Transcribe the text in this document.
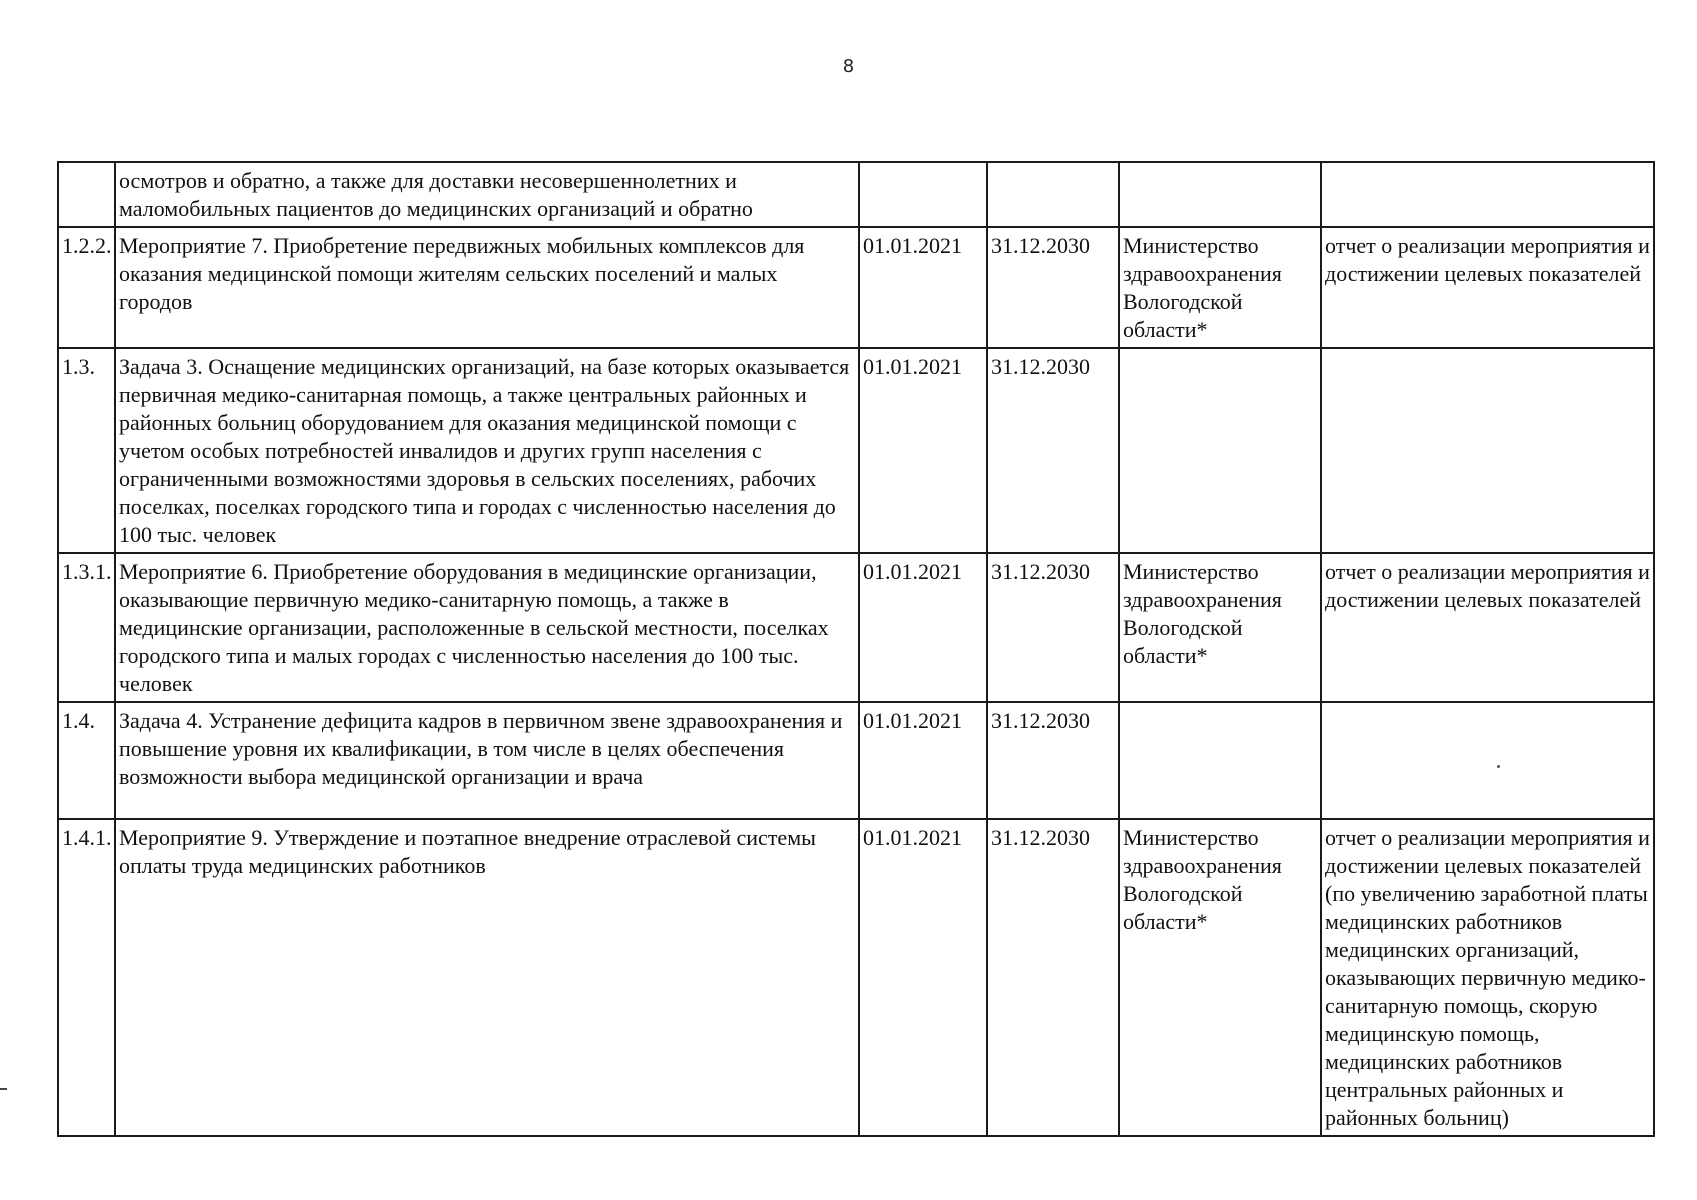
8
	осмотров и обратно, а также для доставки несовершеннолетних и маломобильных пациентов до медицинских организаций и обратно				
1.2.2.	Мероприятие 7. Приобретение передвижных мобильных комплексов для оказания медицинской помощи жителям сельских поселений и малых городов	01.01.2021	31.12.2030	Министерство здравоохранения Вологодской области*	отчет о реализации мероприятия и достижении целевых показателей
1.3.	Задача 3. Оснащение медицинских организаций, на базе которых оказывается первичная медико-санитарная помощь, а также центральных районных и районных больниц оборудованием для оказания медицинской помощи с учетом особых потребностей инвалидов и других групп населения с ограниченными возможностями здоровья в сельских поселениях, рабочих поселках, поселках городского типа и городах с численностью населения до 100 тыс. человек	01.01.2021	31.12.2030		
1.3.1.	Мероприятие 6. Приобретение оборудования в медицинские организации, оказывающие первичную медико-санитарную помощь, а также в медицинские организации, расположенные в сельской местности, поселках городского типа и малых городах с численностью населения до 100 тыс. человек	01.01.2021	31.12.2030	Министерство здравоохранения Вологодской области*	отчет о реализации мероприятия и достижении целевых показателей
1.4.	Задача 4. Устранение дефицита кадров в первичном звене здравоохранения и повышение уровня их квалификации, в том числе в целях обеспечения возможности выбора медицинской организации и врача	01.01.2021	31.12.2030		
1.4.1.	Мероприятие 9. Утверждение и поэтапное внедрение отраслевой системы оплаты труда медицинских работников	01.01.2021	31.12.2030	Министерство здравоохранения Вологодской области*	отчет о реализации мероприятия и достижении целевых показателей (по увеличению заработной платы медицинских работников медицинских организаций, оказывающих первичную медико-санитарную помощь, скорую медицинскую помощь, медицинских работников центральных районных и районных больниц)
